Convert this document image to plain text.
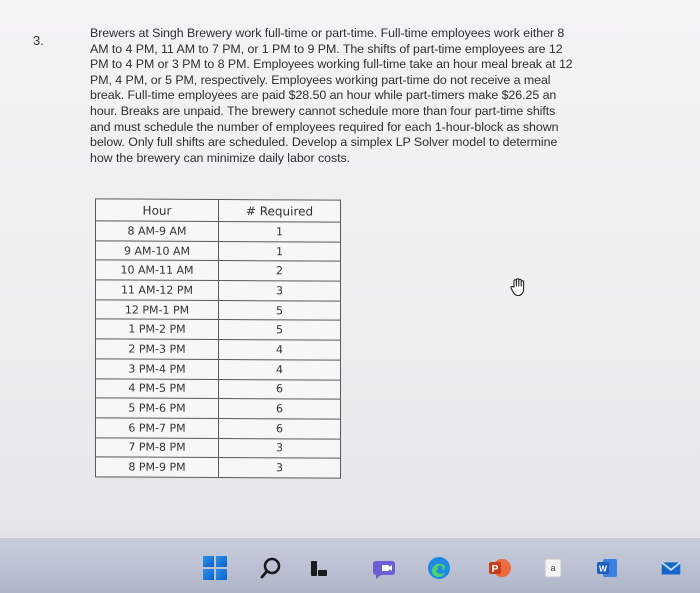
3.	Brewers at Singh Brewery work full-time or part-time. Full-time employees work either 8

AM to 4 PM, 11 AM to 7 PM, or 1 PM to 9 PM. The shifts of part-time employees are 12

PM to 4 PM or 3 PM to 8 PM. Employees working full-time take an hour meal break at 12

PM, 4 PM, or 5 PM, respectively. Employees working part-time do not receive a meal

break. Full-time employees are paid $28.50 an hour while part-timers make $26.25 an

hour. Breaks are unpaid. The brewery cannot schedule more than four part-time shifts

and must schedule the number of employees required for each 1-hour-block as shown

below. Only full shifts are scheduled. Develop a simplex LP Solver model to determine

how the brewery can minimize daily labor costs.

Hour	# Required
8 AM-9 AM	1
9 AM-10 AM	1
10 AM-11 AM	2
11 AM-12 PM	3
12 PM-1 PM	5
1 PM-2 PM	5
2 PM-3 PM	4
3 PM-4 PM	4
4 PM-5 PM	6
5 PM-6 PM	6
6 PM-7 PM	6
7 PM-8 PM	3
8 PM-9 PM	3
P	a	W
